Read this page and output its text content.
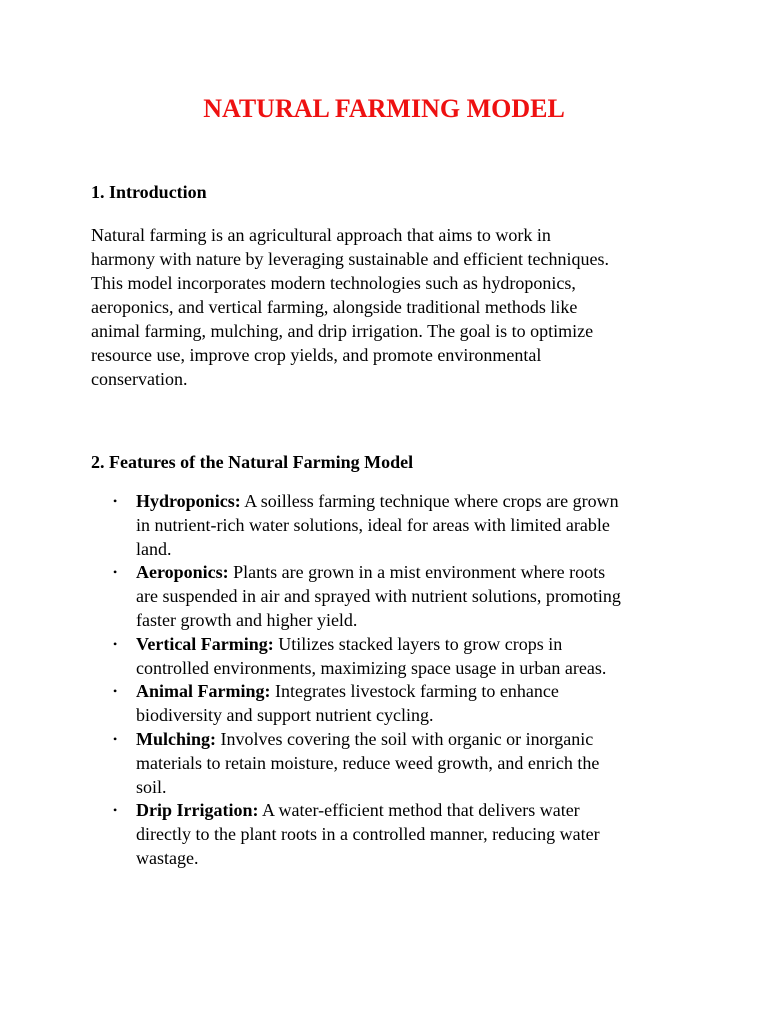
NATURAL FARMING MODEL
1. Introduction

Natural farming is an agricultural approach that aims to work in
harmony with nature by leveraging sustainable and efficient techniques.
This model incorporates modern technologies such as hydroponics,
aeroponics, and vertical farming, alongside traditional methods like
animal farming, mulching, and drip irrigation. The goal is to optimize
resource use, improve crop yields, and promote environmental
conservation.

2. Features of the Natural Farming Model
• Hydroponics: A soilless farming technique where crops are grown
in nutrient-rich water solutions, ideal for areas with limited arable
land.
• Aeroponics: Plants are grown in a mist environment where roots
are suspended in air and sprayed with nutrient solutions, promoting
faster growth and higher yield.
• Vertical Farming: Utilizes stacked layers to grow crops in
controlled environments, maximizing space usage in urban areas.
• Animal Farming: Integrates livestock farming to enhance
biodiversity and support nutrient cycling.
• Mulching: Involves covering the soil with organic or inorganic
materials to retain moisture, reduce weed growth, and enrich the
soil.
• Drip Irrigation: A water-efficient method that delivers water
directly to the plant roots in a controlled manner, reducing water
wastage.
